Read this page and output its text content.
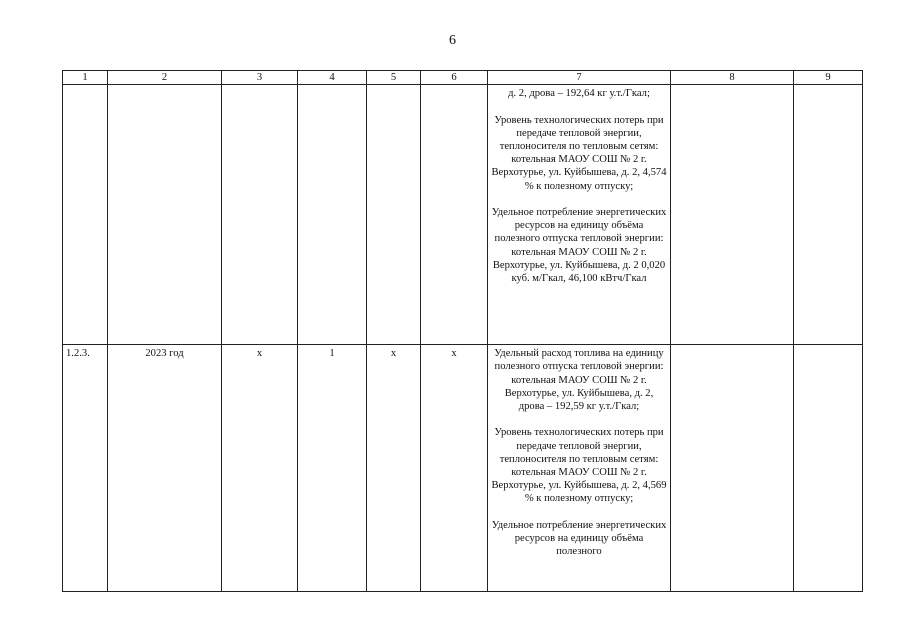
6
1	2	3	4	5	6	7	8	9

						д. 2, дрова – 192,64 кг у.т./Гкал;
Уровень технологических потерь при передаче тепловой энергии, теплоносителя по тепловым сетям: котельная МАОУ СОШ № 2 г. Верхотурье, ул. Куйбышева, д. 2, 4,574 % к полезному отпуску;
Удельное потребление энергетических ресурсов на единицу объёма полезного отпуска тепловой энергии: котельная МАОУ СОШ № 2 г. Верхотурье, ул. Куйбышева, д. 2 0,020 куб. м/Гкал, 46,100 кВтч/Гкал		

1.2.3.	2023 год	х	1	х	х	Удельный расход топлива на единицу полезного отпуска тепловой энергии: котельная МАОУ СОШ № 2 г. Верхотурье, ул. Куйбышева, д. 2, дрова – 192,59 кг у.т./Гкал;
Уровень технологических потерь при передаче тепловой энергии, теплоносителя по тепловым сетям: котельная МАОУ СОШ № 2 г. Верхотурье, ул. Куйбышева, д. 2, 4,569 % к полезному отпуску;
Удельное потребление энергетических ресурсов на единицу объёма полезного		
